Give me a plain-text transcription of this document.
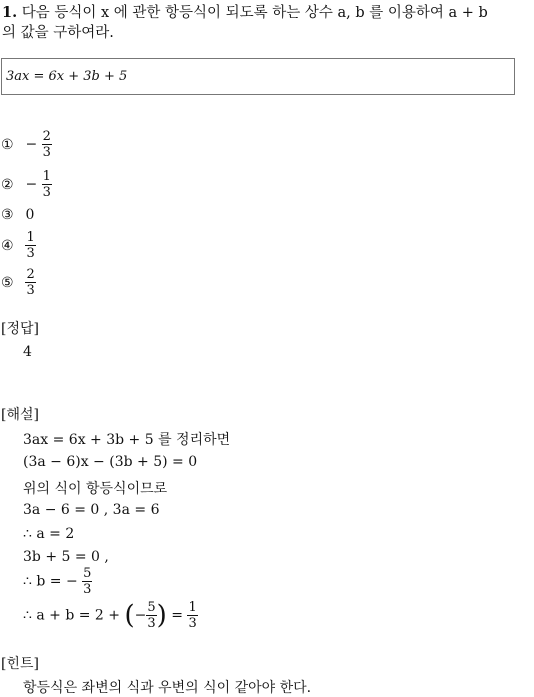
1. 다음 등식이 x 에 관한 항등식이 되도록 하는 상수 a, b 를 이용하여 a + b
의 값을 구하여라.
3ax = 6x + 3b + 5
① − $\frac{2}{3}$
② − $\frac{1}{3}$
③ 0
④ $\frac{1}{3}$
⑤ $\frac{2}{3}$
[정답]
4
[해설]
3ax = 6x + 3b + 5 를 정리하면
(3a − 6)x − (3b + 5) = 0
위의 식이 항등식이므로
3a − 6 = 0 , 3a = 6
∴ a = 2
3b + 5 = 0 ,
∴ b = − $\frac{5}{3}$
∴ a + b = 2 + (− $\frac{5}{3}$ ) = $\frac{1}{3}$
[힌트]
항등식은 좌변의 식과 우변의 식이 같아야 한다.
